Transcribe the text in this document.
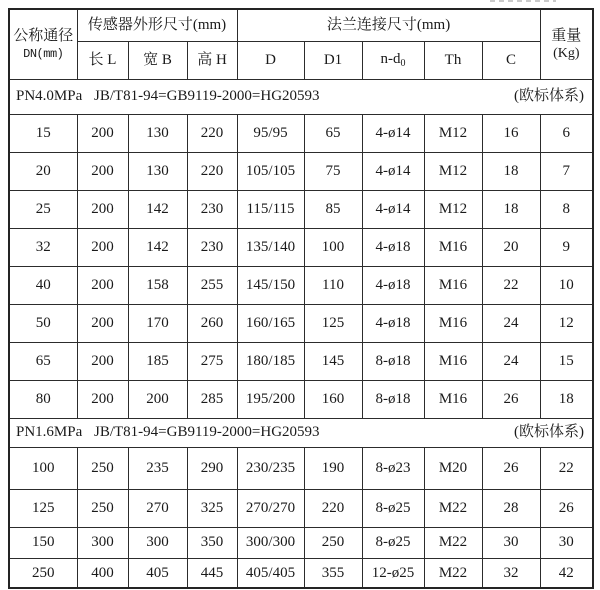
公称通径
DN(mm)
	传感器外形尺寸(mm)	法兰连接尺寸(mm)	
重量
(Kg)

	长 L	宽 B	高 H	D	D1	$n-d_0$	Th	C	

PN4.0MPa JB/T81-94=GB9119-2000=HG20593 (欧标体系)									

15	200	130	220	95/95	65	4-ø14	M12	16	6
20	200	130	220	105/105	75	4-ø14	M12	18	7
25	200	142	230	115/115	85	4-ø14	M12	18	8
32	200	142	230	135/140	100	4-ø18	M16	20	9
40	200	158	255	145/150	110	4-ø18	M16	22	10
50	200	170	260	160/165	125	4-ø18	M16	24	12
65	200	185	275	180/185	145	8-ø18	M16	24	15
80	200	200	285	195/200	160	8-ø18	M16	26	18

PN1.6MPa JB/T81-94=GB9119-2000=HG20593 (欧标体系)									

100	250	235	290	230/235	190	8-ø23	M20	26	22
125	250	270	325	270/270	220	8-ø25	M22	28	26
150	300	300	350	300/300	250	8-ø25	M22	30	30
250	400	405	445	405/405	355	12-ø25	M22	32	42
